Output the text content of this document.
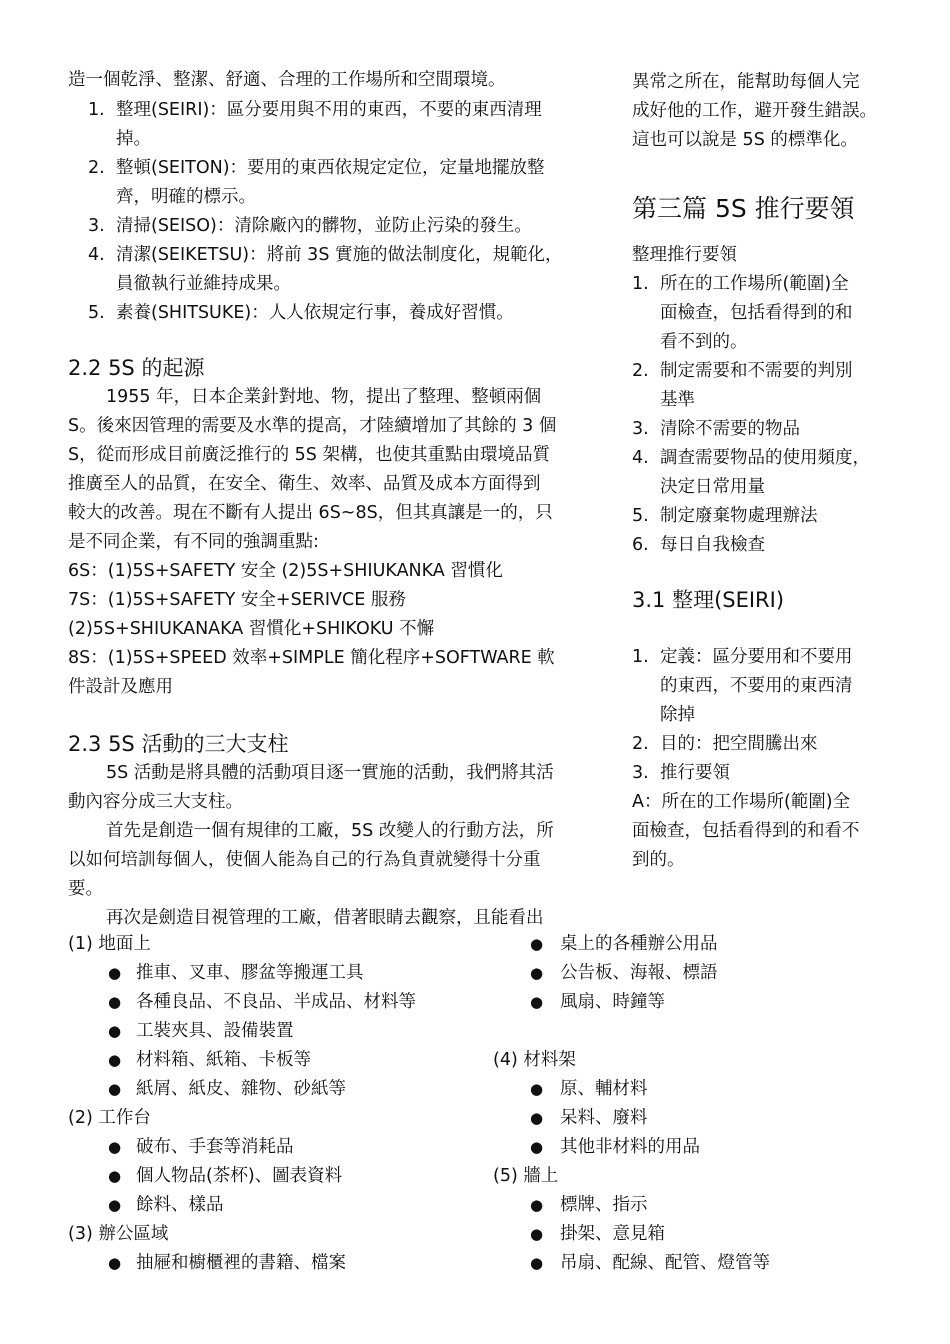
造一個乾淨、整潔、舒適、合理的工作場所和空間環境。
1. 整理(SEIRI)：區分要用與不用的東西，不要的東西清理
掉。
2. 整頓(SEITON)：要用的東西依規定定位，定量地擺放整
齊，明確的標示。
3. 清掃(SEISO)：清除廠內的髒物，並防止污染的發生。
4. 清潔(SEIKETSU)：將前 3S 實施的做法制度化，規範化，
員徹執行並維持成果。
5. 素養(SHITSUKE)：人人依規定行事，養成好習慣。
2.2 5S 的起源
1955 年，日本企業針對地、物，提出了整理、整頓兩個
S。後來因管理的需要及水準的提高，才陸續增加了其餘的 3 個
S，從而形成目前廣泛推行的 5S 架構，也使其重點由環境品質
推廣至人的品質，在安全、衛生、效率、品質及成本方面得到
較大的改善。現在不斷有人提出 6S~8S，但其真讓是一的，只
是不同企業，有不同的強調重點:
6S：(1)5S+SAFETY 安全 (2)5S+SHIUKANKA 習慣化
7S：(1)5S+SAFETY 安全+SERIVCE 服務
(2)5S+SHIUKANAKA 習慣化+SHIKOKU 不懈
8S：(1)5S+SPEED 效率+SIMPLE 簡化程序+SOFTWARE 軟
件設計及應用
2.3 5S 活動的三大支柱
5S 活動是將具體的活動項目逐一實施的活動，我們將其活
動內容分成三大支柱。
首先是創造一個有規律的工廠，5S 改變人的行動方法，所
以如何培訓每個人，使個人能為自己的行為負責就變得十分重
要。
再次是劍造目視管理的工廠，借著眼睛去觀察，且能看出
異常之所在，能幫助每個人完
成好他的工作，避开發生錯誤。
這也可以說是 5S 的標準化。
第三篇 5S 推行要領
整理推行要領
1. 所在的工作場所(範圍)全
面檢查，包括看得到的和
看不到的。
2. 制定需要和不需要的判別
基準
3. 清除不需要的物品
4. 調查需要物品的使用頻度，
決定日常用量
5. 制定廢棄物處理辦法
6. 每日自我檢查
3.1 整理(SEIRI)
1. 定義：區分要用和不要用
的東西，不要用的東西清
除掉
2. 目的：把空間騰出來
3. 推行要領
A：所在的工作場所(範圍)全
面檢查，包括看得到的和看不
到的。
(1) 地面上
● 推車、叉車、膠盆等搬運工具
● 各種良品、不良品、半成品、材料等
● 工裝夾具、設備裝置
● 材料箱、紙箱、卡板等
● 紙屑、紙皮、雜物、砂紙等
(2) 工作台
● 破布、手套等消耗品
● 個人物品(茶杯)、圖表資料
● 餘料、樣品
(3) 辦公區域
● 抽屜和櫥櫃裡的書籍、檔案
● 桌上的各種辦公用品
● 公告板、海報、標語
● 風扇、時鐘等
(4) 材料架
● 原、輔材料
● 呆料、廢料
● 其他非材料的用品
(5) 牆上
● 標牌、指示
● 掛架、意見箱
● 吊扇、配線、配管、燈管等
